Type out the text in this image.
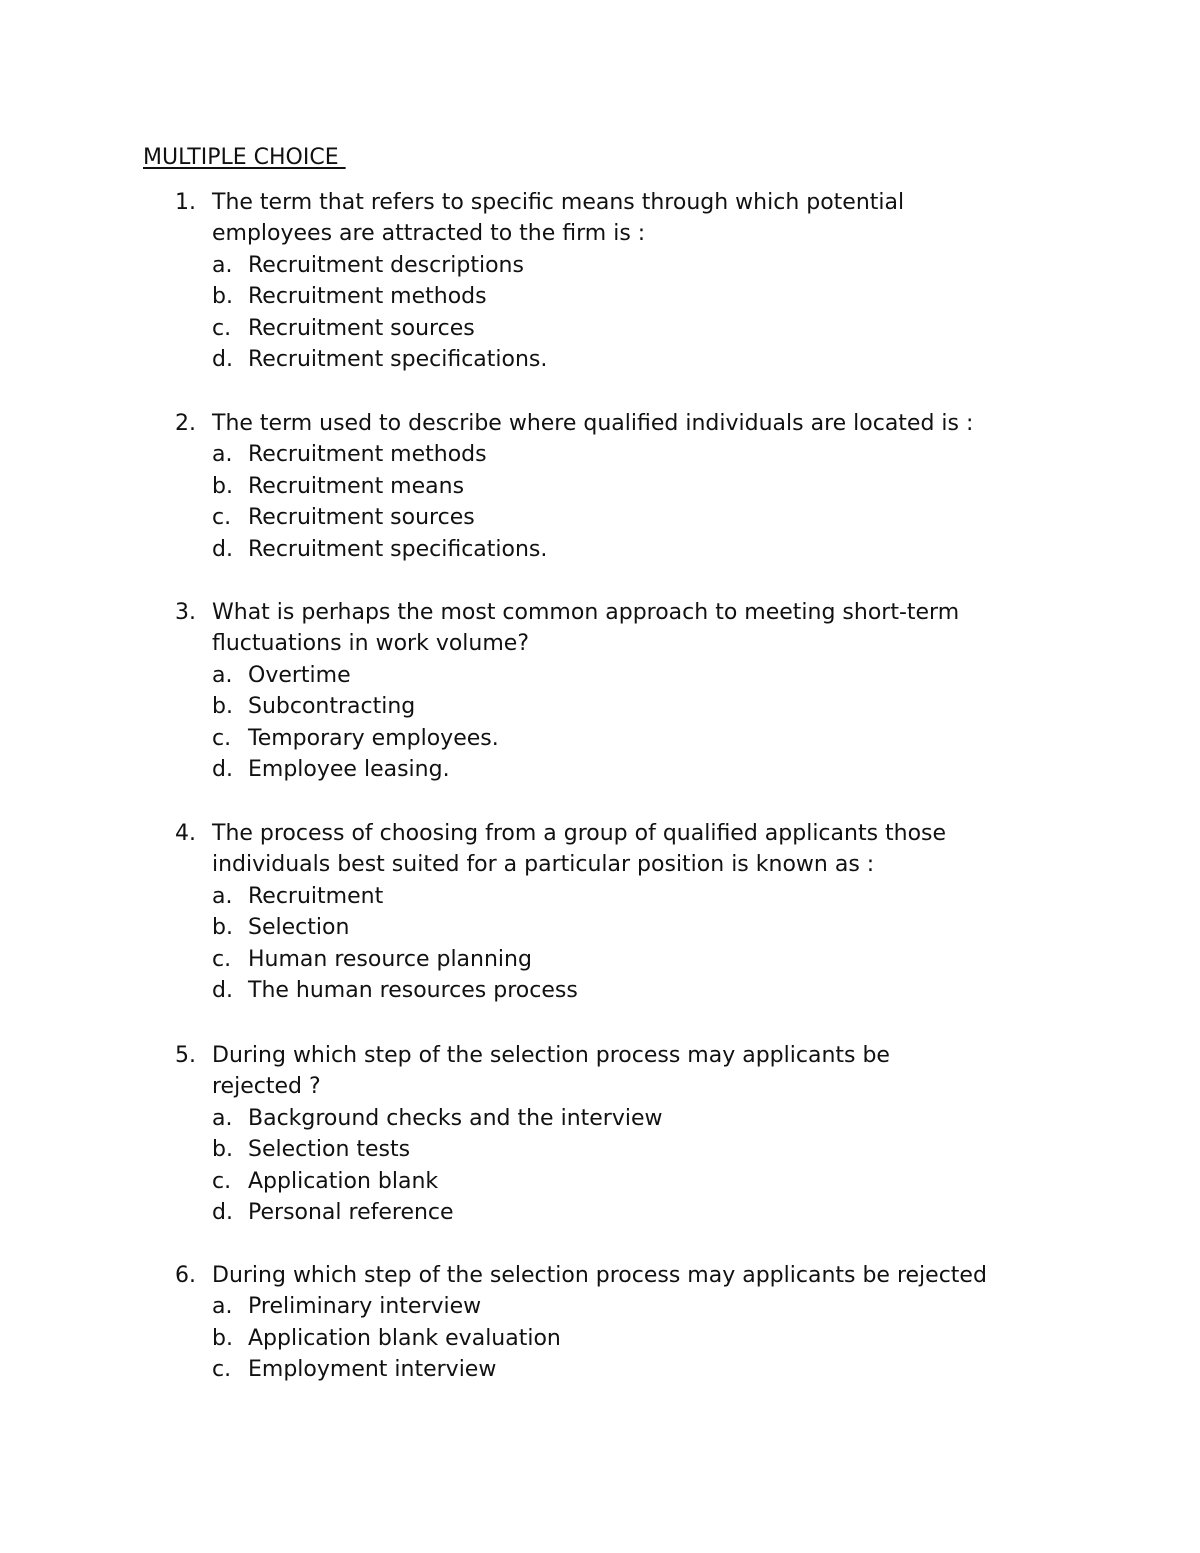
MULTIPLE CHOICE
1. The term that refers to specific means through which potential employees are attracted to the firm is :
a. Recruitment descriptions
b. Recruitment methods
c. Recruitment sources
d. Recruitment specifications.
2. The term used to describe where qualified individuals are located is :
a. Recruitment methods
b. Recruitment means
c. Recruitment sources
d. Recruitment specifications.
3. What is perhaps the most common approach to meeting short-term fluctuations in work volume?
a. Overtime
b. Subcontracting
c. Temporary employees.
d. Employee leasing.
4. The process of choosing from a group of qualified applicants those individuals best suited for a particular position is known as :
a. Recruitment
b. Selection
c. Human resource planning
d. The human resources process
5. During which step of the selection process may applicants be rejected ?
a. Background checks and the interview
b. Selection tests
c. Application blank
d. Personal reference
6. During which step of the selection process may applicants be rejected
a. Preliminary interview
b. Application blank evaluation
c. Employment interview
